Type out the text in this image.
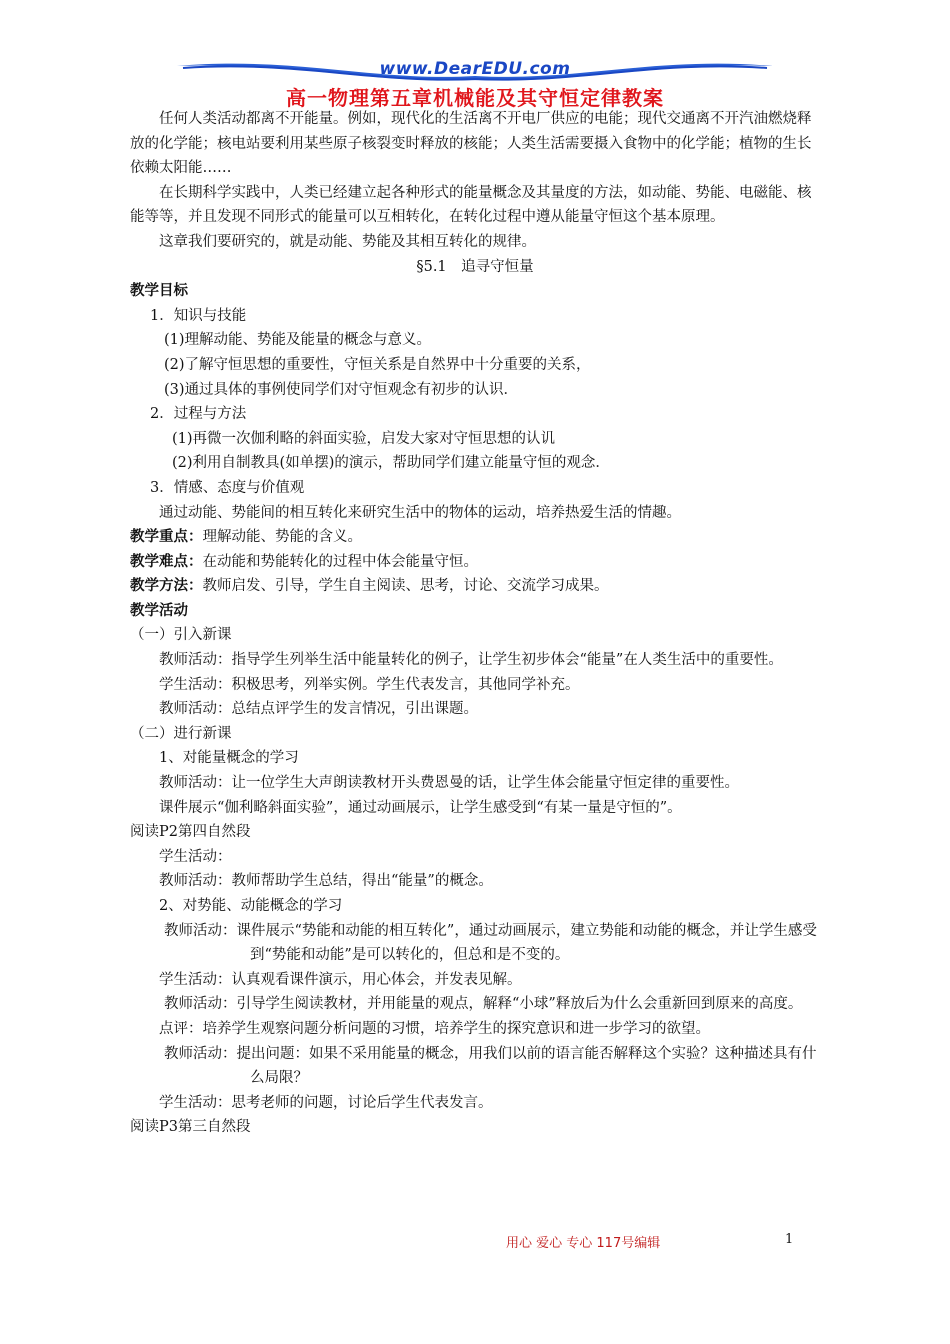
www.DearEDU.com
高一物理第五章机械能及其守恒定律教案

任何人类活动都离不开能量。例如，现代化的生活离不开电厂供应的电能；现代交通离不开汽油燃烧释放的化学能；核电站要利用某些原子核裂变时释放的核能；人类生活需要摄入食物中的化学能；植物的生长依赖太阳能……

在长期科学实践中，人类已经建立起各种形式的能量概念及其量度的方法，如动能、势能、电磁能、核能等等，并且发现不同形式的能量可以互相转化，在转化过程中遵从能量守恒这个基本原理。

这章我们要研究的，就是动能、势能及其相互转化的规律。

§5.1　追寻守恒量

教学目标

1．知识与技能

(1)理解动能、势能及能量的概念与意义。

(2)了解守恒思想的重要性，守恒关系是自然界中十分重要的关系，

(3)通过具体的事例使同学们对守恒观念有初步的认识．

2．过程与方法

(1)再微一次伽利略的斜面实验，启发大家对守恒思想的认讥

(2)利用自制教具(如单摆)的演示，帮助同学们建立能量守恒的观念．

3．情感、态度与价值观

通过动能、势能间的相互转化来研究生活中的物体的运动，培养热爱生活的情趣。

教学重点：理解动能、势能的含义。

教学难点：在动能和势能转化的过程中体会能量守恒。

教学方法：教师启发、引导，学生自主阅读、思考，讨论、交流学习成果。

教学活动

（一）引入新课

教师活动：指导学生列举生活中能量转化的例子，让学生初步体会“能量”在人类生活中的重要性。

学生活动：积极思考，列举实例。学生代表发言，其他同学补充。

教师活动：总结点评学生的发言情况，引出课题。

（二）进行新课

1、对能量概念的学习

教师活动：让一位学生大声朗读教材开头费恩曼的话，让学生体会能量守恒定律的重要性。

课件展示“伽利略斜面实验”，通过动画展示，让学生感受到“有某一量是守恒的”。

阅读P2第四自然段

学生活动：

教师活动：教师帮助学生总结，得出“能量”的概念。

2、对势能、动能概念的学习

教师活动：课件展示“势能和动能的相互转化”，通过动画展示，建立势能和动能的概念，并让学生感受到“势能和动能”是可以转化的，但总和是不变的。

学生活动：认真观看课件演示，用心体会，并发表见解。

教师活动：引导学生阅读教材，并用能量的观点，解释“小球”释放后为什么会重新回到原来的高度。

点评：培养学生观察问题分析问题的习惯，培养学生的探究意识和进一步学习的欲望。

教师活动：提出问题：如果不采用能量的概念，用我们以前的语言能否解释这个实验？这种描述具有什么局限？

学生活动：思考老师的问题，讨论后学生代表发言。

阅读P3第三自然段

用心 爱心 专心 117号编辑	1
